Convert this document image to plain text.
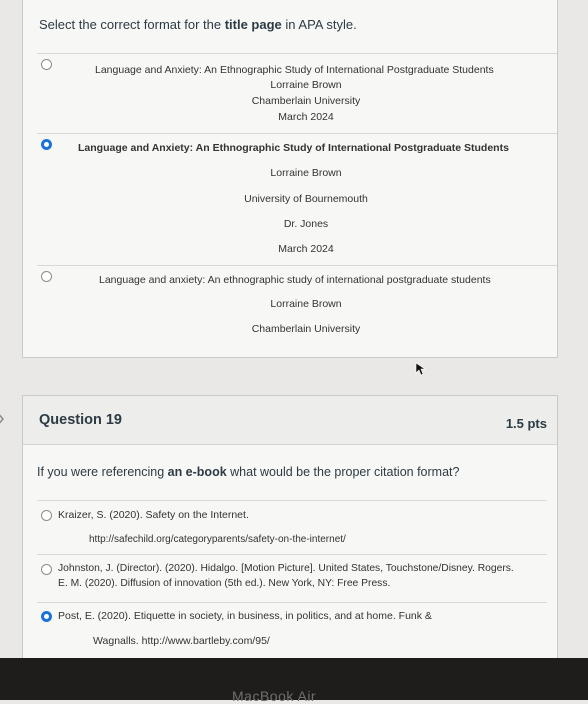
Select the correct format for the title page in APA style.
Language and Anxiety: An Ethnographic Study of International Postgraduate Students
Lorraine Brown
Chamberlain University
March 2024
Language and Anxiety: An Ethnographic Study of International Postgraduate Students
Lorraine Brown
University of Bournemouth
Dr. Jones
March 2024
Language and anxiety: An ethnographic study of international postgraduate students
Lorraine Brown
Chamberlain University
Question 19	1.5 pts
If you were referencing an e-book what would be the proper citation format?
Kraizer, S. (2020). Safety on the Internet.
http://safechild.org/categoryparents/safety-on-the-internet/
Johnston, J. (Director). (2020). Hidalgo. [Motion Picture]. United States, Touchstone/Disney. Rogers.
E. M. (2020). Diffusion of innovation (5th ed.). New York, NY: Free Press.
Post, E. (2020). Etiquette in society, in business, in politics, and at home. Funk &
Wagnalls. http://www.bartleby.com/95/
MacBook Air
